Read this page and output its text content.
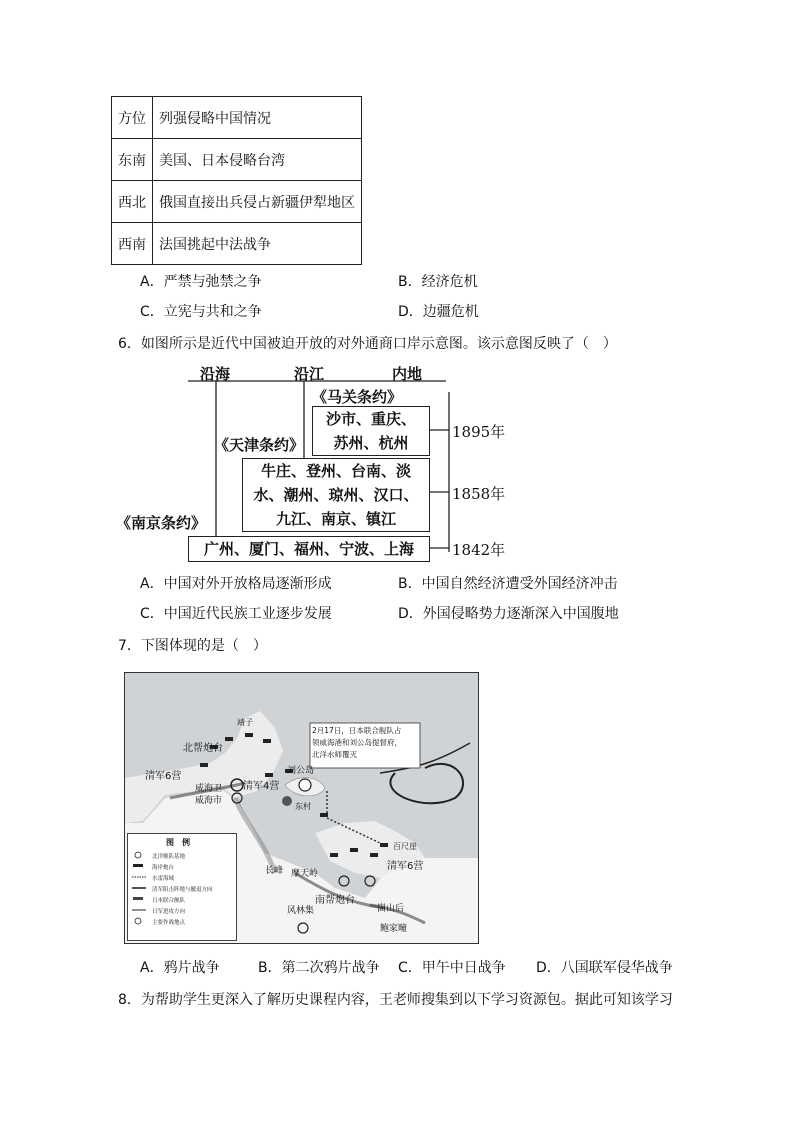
方位	列强侵略中国情况
东南	美国、日本侵略台湾
西北	俄国直接出兵侵占新疆伊犁地区
西南	法国挑起中法战争
A．严禁与弛禁之争	B．经济危机
C．立宪与共和之争	D．边疆危机
6．如图所示是近代中国被迫开放的对外通商口岸示意图。该示意图反映了（　）
沿海	沿江	内地
《马关条约》
沙市、重庆、
苏州、杭州
《天津条约》
牛庄、登州、台南、淡
水、潮州、琼州、汉口、
九江、南京、镇江
《南京条约》
广州、厦门、福州、宁波、上海
1895年
1858年
1842年
A．中国对外开放格局逐渐形成	B．中国自然经济遭受外国经济冲击
C．中国近代民族工业逐步发展	D．外国侵略势力逐渐深入中国腹地
7．下图体现的是（　）
2月17日，日本联合舰队占
领威海港和刘公岛提督府，
北洋水师覆灭
靖子
北帮炮台
清军6营
清军4营
威海卫
威海市
刘公岛
东村
百尺崖
清军6营
长峰 摩天岭
南帮炮台
风林集	崮山后
鲍家疃
图　例
北洋舰队基地
海岸炮台
水雷海域
清军阻击阵地与撤退方向
日本联合舰队
日军进攻方向
主要作战地点
A．鸦片战争	B．第二次鸦片战争 C．甲午中日战争 D．八国联军侵华战争
8．为帮助学生更深入了解历史课程内容，王老师搜集到以下学习资源包。据此可知该学习
